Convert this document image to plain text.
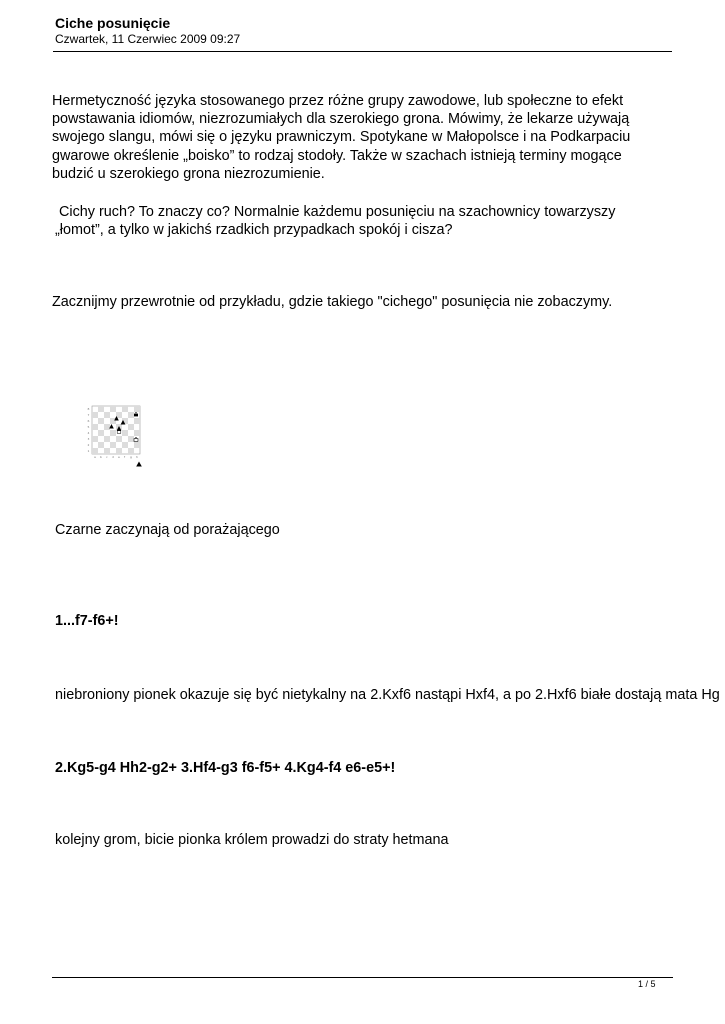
Ciche posunięcie
Czwartek, 11 Czerwiec 2009 09:27
Hermetyczność języka stosowanego przez różne grupy zawodowe, lub społeczne to efekt
powstawania idiomów, niezrozumiałych dla szerokiego grona. Mówimy, że lekarze używają
swojego slangu, mówi się o języku prawniczym. Spotykane w Małopolsce i na Podkarpaciu
gwarowe określenie „boisko” to rodzaj stodoły. Także w szachach istnieją terminy mogące
budzić u szerokiego grona niezrozumienie.
Cichy ruch? To znaczy co? Normalnie każdemu posunięciu na szachownicy towarzyszy
„łomot”, a tylko w jakichś rzadkich przypadkach spokój i cisza?
Zacznijmy przewrotnie od przykładu, gdzie takiego "cichego" posunięcia nie zobaczymy.
8
7
6
5
4
3
2
1
a b c d e f	g h
Czarne zaczynają od porażającego
1...f7-f6+!
niebroniony pionek okazuje się być nietykalny na 2.Kxf6 nastąpi Hxf4, a po 2.Hxf6 białe dostają mata Hg
2.Kg5-g4 Hh2-g2+ 3.Hf4-g3 f6-f5+ 4.Kg4-f4 e6-e5+!
kolejny grom, bicie pionka królem prowadzi do straty hetmana
1 / 5
